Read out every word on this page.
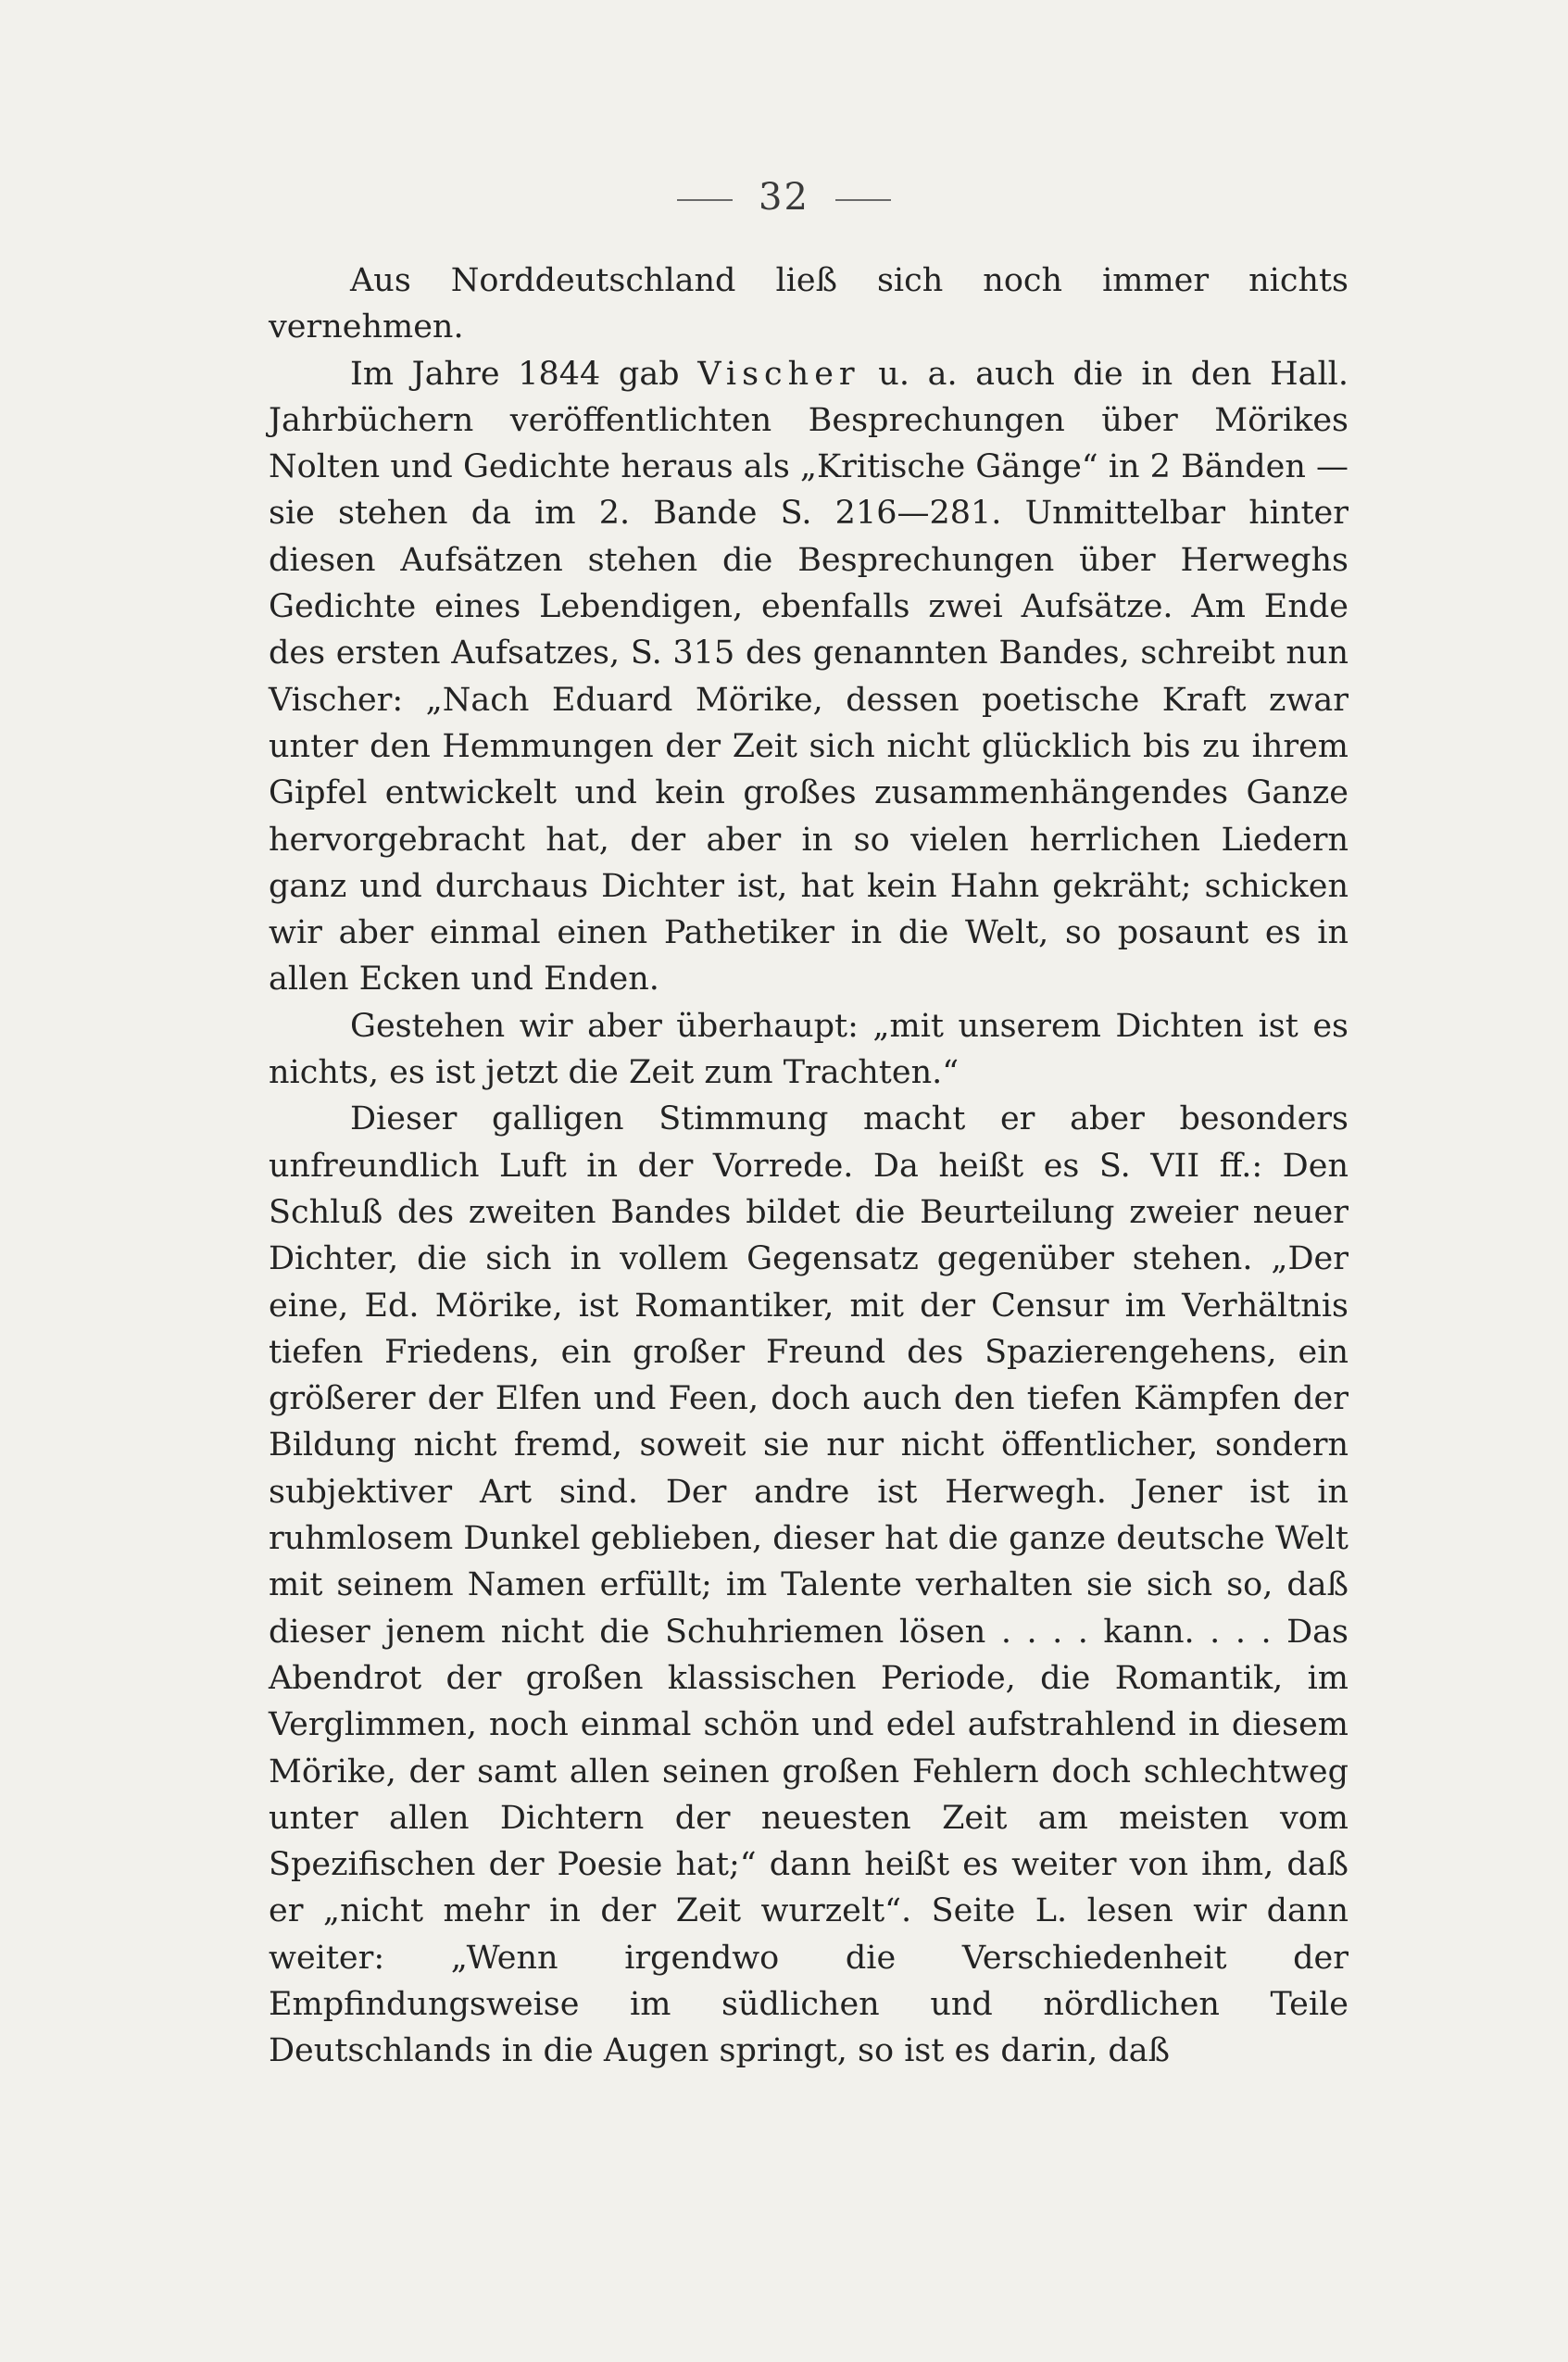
32

Aus Norddeutschland ließ sich noch immer nichts vernehmen.

Im Jahre 1844 gab Vischer u. a. auch die in den Hall. Jahrbüchern veröffentlichten Besprechungen über Mörikes Nolten und Gedichte heraus als „Kritische Gänge“ in 2 Bänden — sie stehen da im 2. Bande S. 216—281. Unmittelbar hinter diesen Aufsätzen stehen die Besprechungen über Herweghs Gedichte eines Lebendigen, ebenfalls zwei Aufsätze. Am Ende des ersten Aufsatzes, S. 315 des genannten Bandes, schreibt nun Vischer: „Nach Eduard Mörike, dessen poetische Kraft zwar unter den Hemmungen der Zeit sich nicht glücklich bis zu ihrem Gipfel entwickelt und kein großes zusammenhängendes Ganze hervorgebracht hat, der aber in so vielen herrlichen Liedern ganz und durchaus Dichter ist, hat kein Hahn gekräht; schicken wir aber einmal einen Pathetiker in die Welt, so posaunt es in allen Ecken und Enden.

Gestehen wir aber überhaupt: „mit unserem Dichten ist es nichts, es ist jetzt die Zeit zum Trachten.“

Dieser galligen Stimmung macht er aber besonders unfreundlich Luft in der Vorrede. Da heißt es S. VII ff.: Den Schluß des zweiten Bandes bildet die Beurteilung zweier neuer Dichter, die sich in vollem Gegensatz gegenüber stehen. „Der eine, Ed. Mörike, ist Romantiker, mit der Censur im Verhältnis tiefen Friedens, ein großer Freund des Spazierengehens, ein größerer der Elfen und Feen, doch auch den tiefen Kämpfen der Bildung nicht fremd, soweit sie nur nicht öffentlicher, sondern subjektiver Art sind. Der andre ist Herwegh. Jener ist in ruhmlosem Dunkel geblieben, dieser hat die ganze deutsche Welt mit seinem Namen erfüllt; im Talente verhalten sie sich so, daß dieser jenem nicht die Schuhriemen lösen . . . . kann. . . . Das Abendrot der großen klassischen Periode, die Romantik, im Verglimmen, noch einmal schön und edel aufstrahlend in diesem Mörike, der samt allen seinen großen Fehlern doch schlechtweg unter allen Dichtern der neuesten Zeit am meisten vom Spezifischen der Poesie hat;“ dann heißt es weiter von ihm, daß er „nicht mehr in der Zeit wurzelt“. Seite L. lesen wir dann weiter: „Wenn irgendwo die Verschiedenheit der Empfindungsweise im südlichen und nördlichen Teile Deutschlands in die Augen springt, so ist es darin, daß
